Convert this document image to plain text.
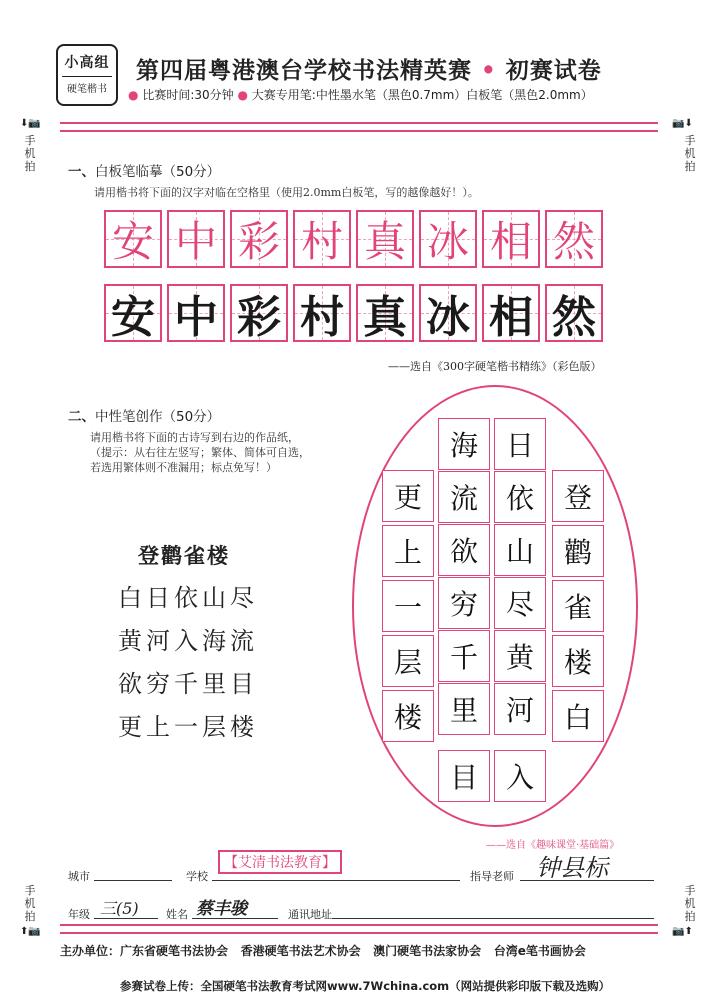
小高组
硬笔楷书
第四届粤港澳台学校书法精英赛 • 初赛试卷
● 比赛时间:30分钟 ● 大赛专用笔:中性墨水笔（黑色0.7mm）白板笔（黑色2.0mm）
⬇📷
手
机
拍
📷⬇
手
机
拍
手
机
拍
⬆📷
手
机
拍
📷⬆
一、白板笔临摹（50分）
请用楷书将下面的汉字对临在空格里（使用2.0mm白板笔，写的越像越好！）。
安 中 彩 村 真 冰 相 然
安 中 彩 村 真 冰 相 然
——选自《300字硬笔楷书精练》（彩色版）
二、中性笔创作（50分）
请用楷书将下面的古诗写到右边的作品纸，
（提示：从右往左竖写；繁体、简体可自选，
若选用繁体则不准漏用；标点免写！）
登鹳雀楼
白日依山尽
黄河入海流
欲穷千里目
更上一层楼
登
鹳
雀
楼
白
日
依
山
尽
黄
河
入
海
流
欲
穷
千
里
目
更
上
一
层
楼
——选自《趣味课堂·基础篇》
城市	学校
【艾清书法教育】
指导老师 钟县标
年级 三(5) 姓名 蔡丰骏	通讯地址
主办单位：广东省硬笔书法协会 香港硬笔书法艺术协会 澳门硬笔书法家协会 台湾e笔书画协会
参赛试卷上传：全国硬笔书法教育考试网www.7Wchina.com（网站提供彩印版下载及选购）
